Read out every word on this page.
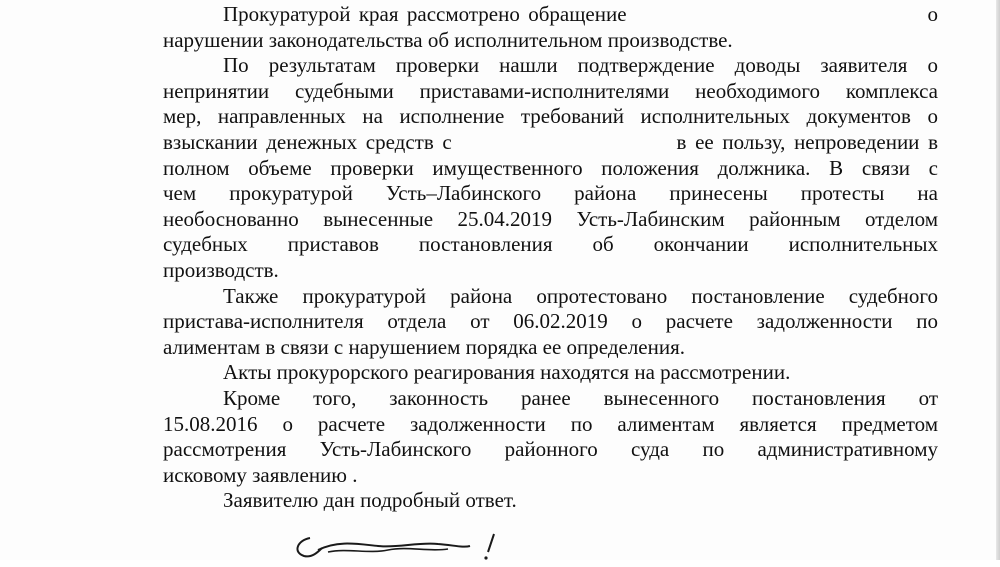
Прокуратурой края рассмотрено обращение                                    о

нарушении законодательства об исполнительном производстве.

По результатам проверки нашли подтверждение доводы заявителя о

непринятии судебными приставами-исполнителями необходимого комплекса

мер, направленных на исполнение требований исполнительных документов о

взыскании денежных средств с                          в ее пользу, непроведении в

полном объеме проверки имущественного положения должника. В связи с

чем прокуратурой Усть–Лабинского района принесены протесты на

необоснованно вынесенные 25.04.2019 Усть-Лабинским районным отделом

судебных приставов постановления об окончании исполнительных

производств.

Также прокуратурой района опротестовано постановление судебного

пристава-исполнителя отдела от 06.02.2019 о расчете задолженности по

алиментам в связи с нарушением порядка ее определения.

Акты прокурорского реагирования находятся на рассмотрении.

Кроме того, законность ранее вынесенного постановления от

15.08.2016 о расчете задолженности по алиментам является предметом

рассмотрения Усть-Лабинского районного суда по административному

исковому заявлению .

Заявителю дан подробный ответ.
